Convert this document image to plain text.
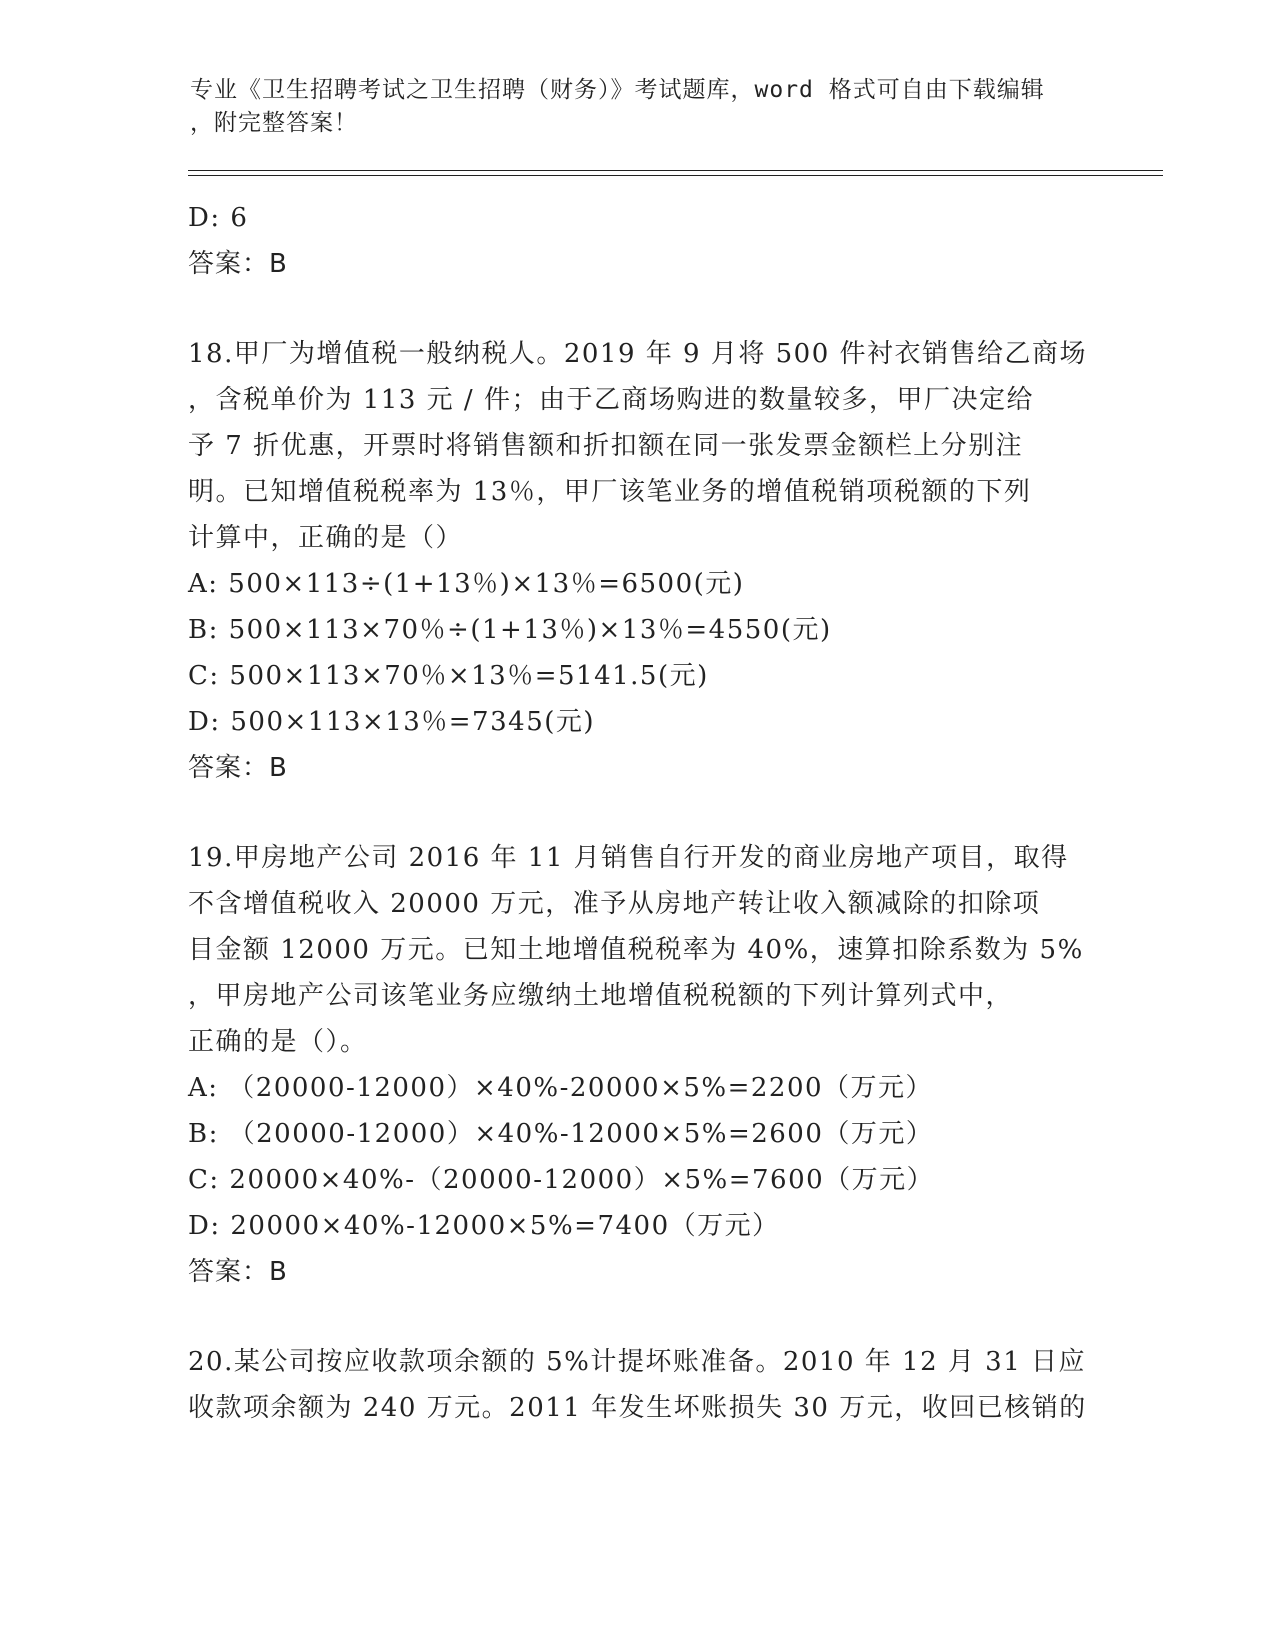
专业《卫生招聘考试之卫生招聘（财务）》考试题库，word 格式可自由下载编辑
，附完整答案！
D: 6
答案：B
18.甲厂为增值税一般纳税人。2019 年 9 月将 500 件衬衣销售给乙商场
，含税单价为 113 元 / 件；由于乙商场购进的数量较多，甲厂决定给
予 7 折优惠，开票时将销售额和折扣额在同一张发票金额栏上分别注
明。已知增值税税率为 13％，甲厂该笔业务的增值税销项税额的下列
计算中，正确的是（）
A: 500×113÷(1+13％)×13％=6500(元)
B: 500×113×70％÷(1+13％)×13％=4550(元)
C: 500×113×70％×13％=5141.5(元)
D: 500×113×13％=7345(元)
答案：B
19.甲房地产公司 2016 年 11 月销售自行开发的商业房地产项目，取得
不含增值税收入 20000 万元，准予从房地产转让收入额减除的扣除项
目金额 12000 万元。已知土地增值税税率为 40%，速算扣除系数为 5%
，甲房地产公司该笔业务应缴纳土地增值税税额的下列计算列式中，
正确的是（）。
A: （20000-12000）×40%-20000×5%=2200（万元）
B: （20000-12000）×40%-12000×5%=2600（万元）
C: 20000×40%-（20000-12000）×5%=7600（万元）
D: 20000×40%-12000×5%=7400（万元）
答案：B
20.某公司按应收款项余额的 5%计提坏账准备。2010 年 12 月 31 日应
收款项余额为 240 万元。2011 年发生坏账损失 30 万元，收回已核销的
